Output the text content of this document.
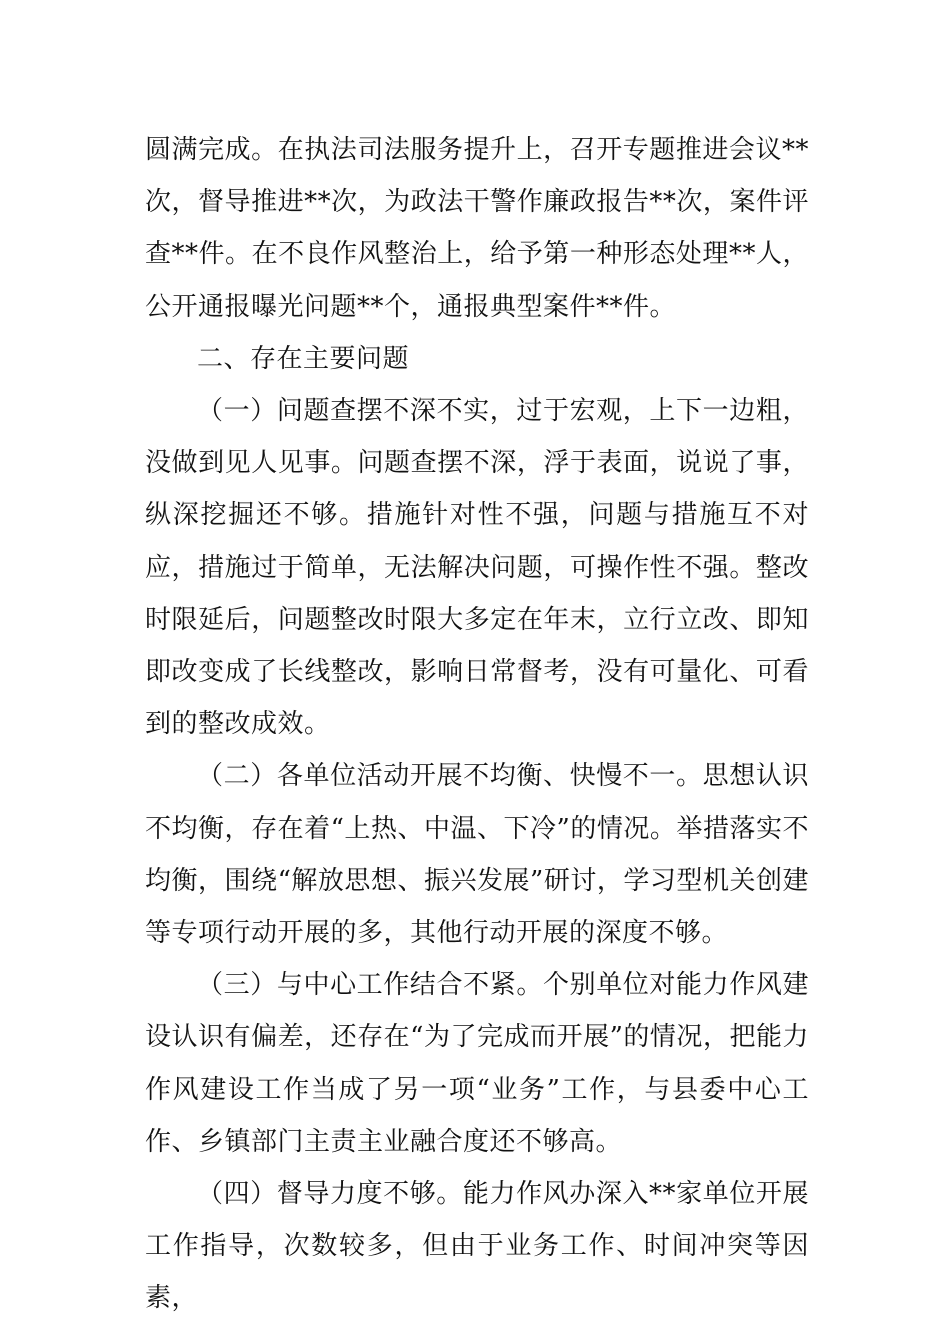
圆满完成。在执法司法服务提升上，召开专题推进会议**次，督导推进**次，为政法干警作廉政报告**次，案件评查**件。在不良作风整治上，给予第一种形态处理**人，公开通报曝光问题**个，通报典型案件**件。

二、存在主要问题

（一）问题查摆不深不实，过于宏观，上下一边粗，没做到见人见事。问题查摆不深，浮于表面，说说了事，纵深挖掘还不够。措施针对性不强，问题与措施互不对应，措施过于简单，无法解决问题，可操作性不强。整改时限延后，问题整改时限大多定在年末，立行立改、即知即改变成了长线整改，影响日常督考，没有可量化、可看到的整改成效。

（二）各单位活动开展不均衡、快慢不一。思想认识不均衡，存在着“上热、中温、下冷”的情况。举措落实不均衡，围绕“解放思想、振兴发展”研讨，学习型机关创建等专项行动开展的多，其他行动开展的深度不够。

（三）与中心工作结合不紧。个别单位对能力作风建设认识有偏差，还存在“为了完成而开展”的情况，把能力作风建设工作当成了另一项“业务”工作，与县委中心工作、乡镇部门主责主业融合度还不够高。

（四）督导力度不够。能力作风办深入**家单位开展工作指导，次数较多，但由于业务工作、时间冲突等因素，
